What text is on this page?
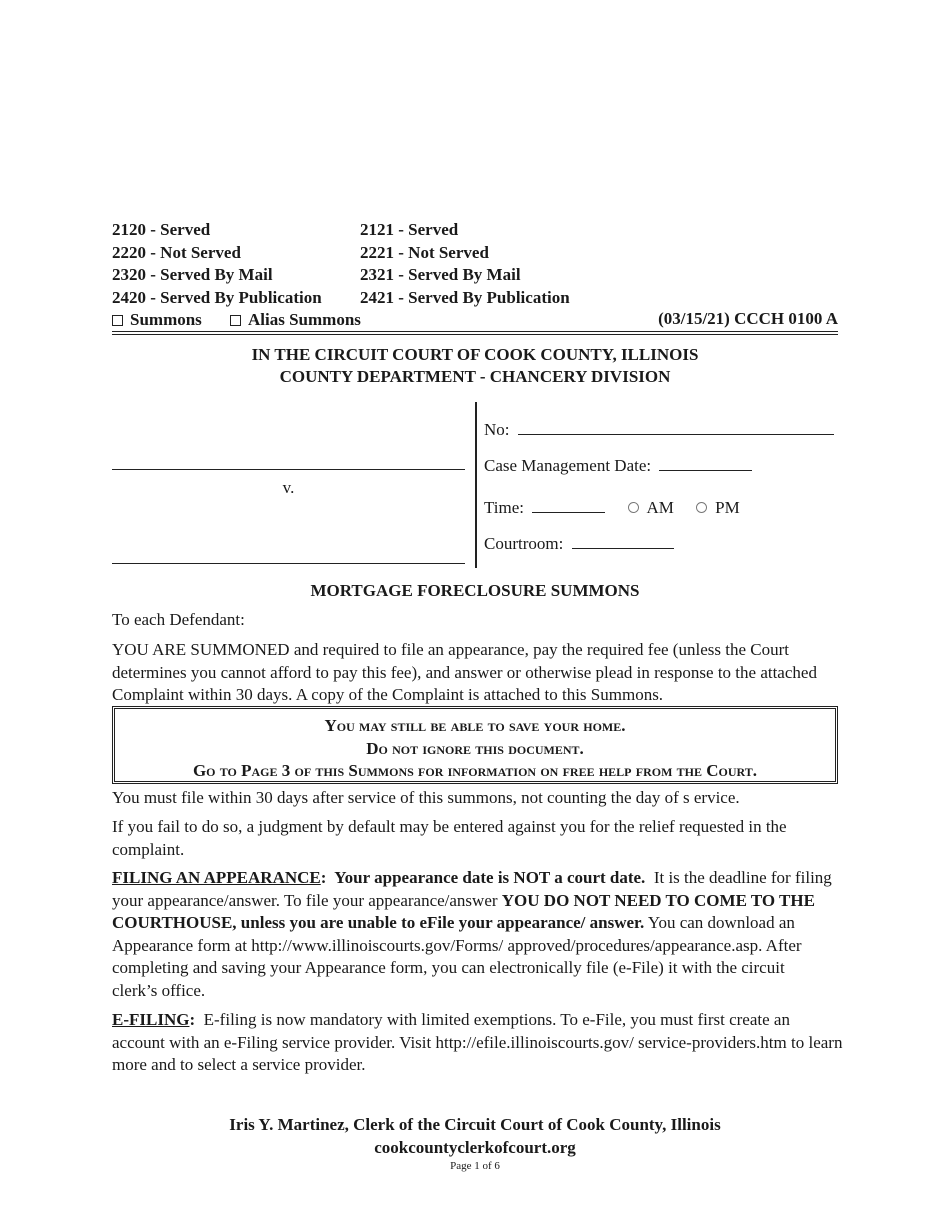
2120 - Served	2121 - Served
2220 - Not Served	2221 - Not Served
2320 - Served By Mail	2321 - Served By Mail
2420 - Served By Publication 2421 - Served By Publication
Summons	Alias Summons	(03/15/21) CCCH 0100 A
IN THE CIRCUIT COURT OF COOK COUNTY, ILLINOIS
COUNTY DEPARTMENT - CHANCERY DIVISION
v.
No:
Case Management Date:
Time:	AM PM
Courtroom:
MORTGAGE FORECLOSURE SUMMONS
To each Defendant:
YOU ARE SUMMONED and required to file an appearance, pay the required fee (unless the Court determines you cannot afford to pay this fee), and answer or otherwise plead in response to the attached Complaint within 30 days. A copy of the Complaint is attached to this Summons.
You may still be able to save your home.
Do not ignore this document.
Go to Page 3 of this Summons for information on free help from the Court.
You must file within 30 days after service of this summons, not counting the day of s ervice.
If you fail to do so, a judgment by default may be entered against you for the relief requested in the complaint.
FILING AN APPEARANCE:  Your appearance date is NOT a court date. It is the deadline for filing your appearance/answer. To file your appearance/answer YOU DO NOT NEED TO COME TO THE COURTHOUSE, unless you are unable to eFile your appearance/ answer. You can download an Appearance form at http://www.illinoiscourts.gov/Forms/ approved/procedures/appearance.asp. After completing and saving your Appearance form, you can electronically file (e-File) it with the circuit clerk’s office.
E-FILING:  E-filing is now mandatory with limited exemptions. To e-File, you must first create an account with an e-Filing service provider. Visit http://efile.illinoiscourts.gov/ service-providers.htm to learn more and to select a service provider.
Iris Y. Martinez, Clerk of the Circuit Court of Cook County, Illinois
cookcountyclerkofcourt.org
Page 1 of 6
